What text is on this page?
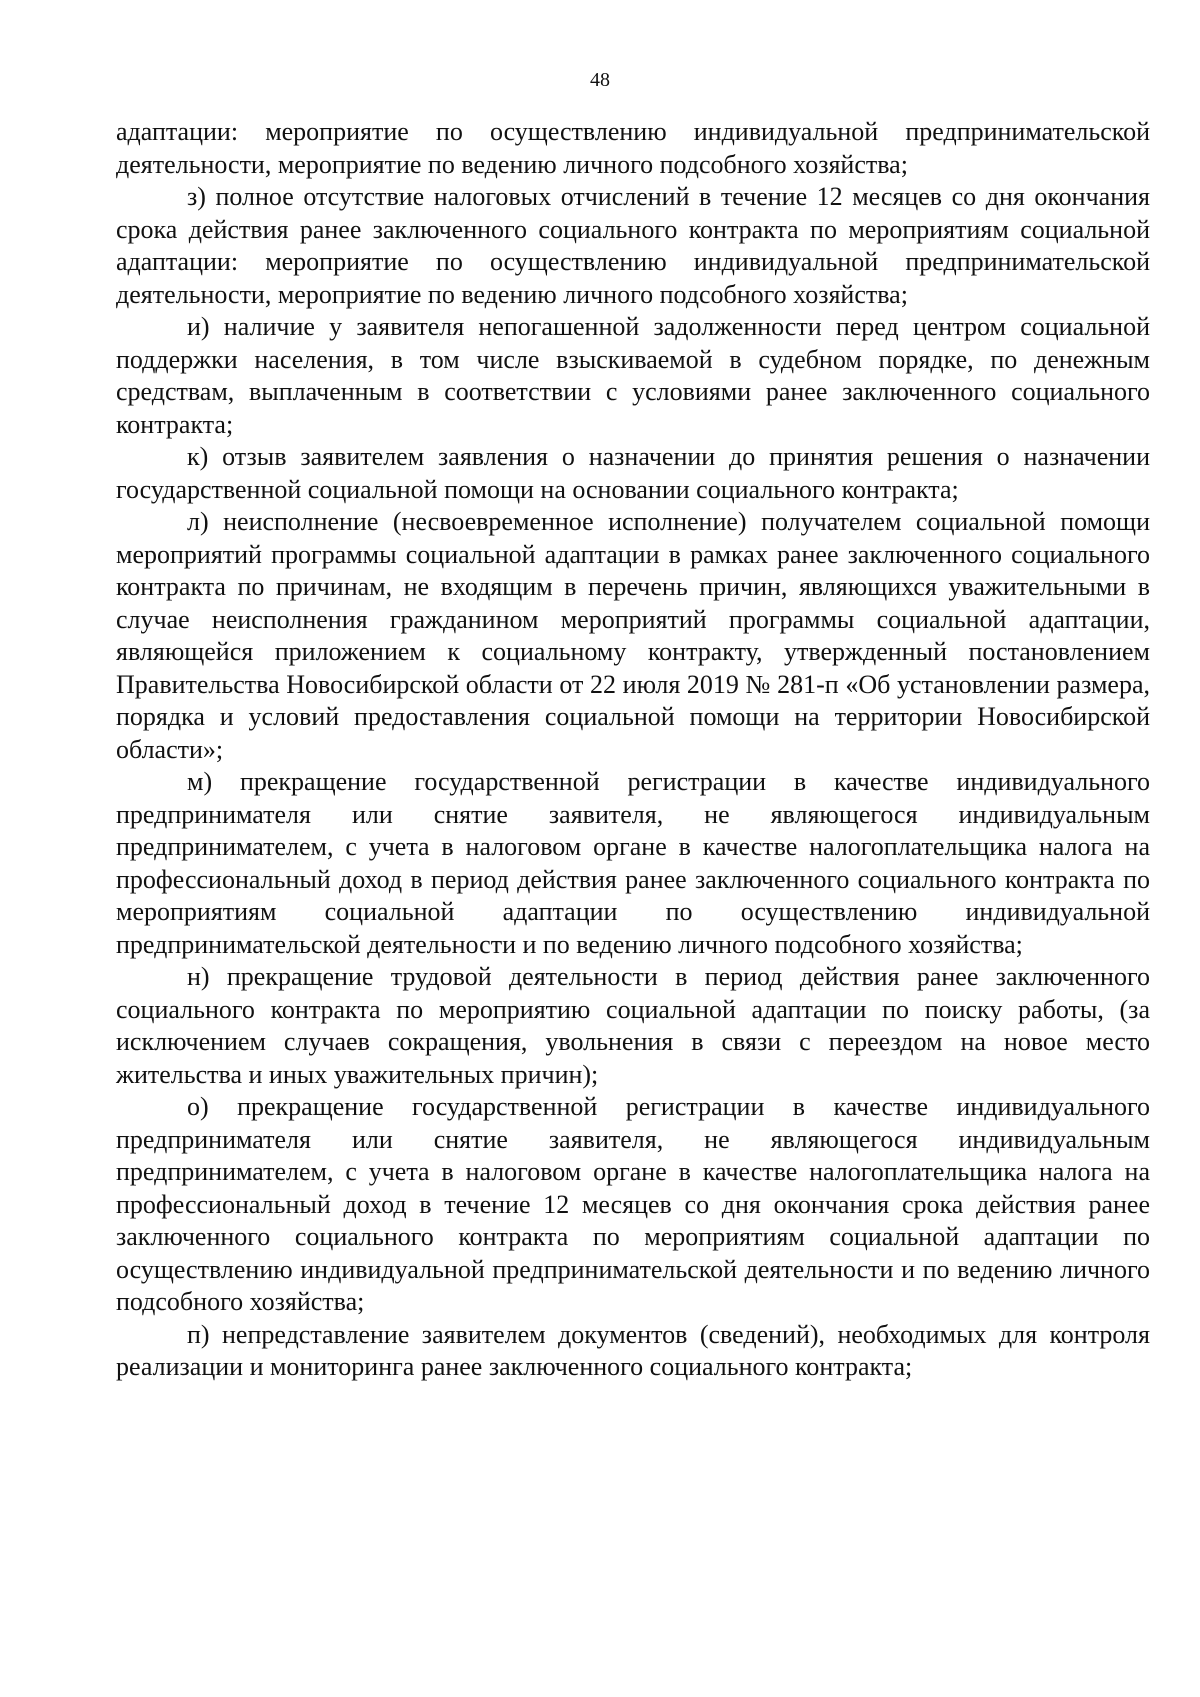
48

адаптации: мероприятие по осуществлению индивидуальной предпринимательской деятельности, мероприятие по ведению личного подсобного хозяйства;

з) полное отсутствие налоговых отчислений в течение 12 месяцев со дня окончания срока действия ранее заключенного социального контракта по мероприятиям социальной адаптации: мероприятие по осуществлению индивидуальной предпринимательской деятельности, мероприятие по ведению личного подсобного хозяйства;

и) наличие у заявителя непогашенной задолженности перед центром социальной поддержки населения, в том числе взыскиваемой в судебном порядке, по денежным средствам, выплаченным в соответствии с условиями ранее заключенного социального контракта;

к) отзыв заявителем заявления о назначении до принятия решения о назначении государственной социальной помощи на основании социального контракта;

л) неисполнение (несвоевременное исполнение) получателем социальной помощи мероприятий программы социальной адаптации в рамках ранее заключенного социального контракта по причинам, не входящим в перечень причин, являющихся уважительными в случае неисполнения гражданином мероприятий программы социальной адаптации, являющейся приложением к социальному контракту, утвержденный постановлением Правительства Новосибирской области от 22 июля 2019 № 281-п «Об установлении размера, порядка и условий предоставления социальной помощи на территории Новосибирской области»;

м) прекращение государственной регистрации в качестве индивидуального предпринимателя или снятие заявителя, не являющегося индивидуальным предпринимателем, с учета в налоговом органе в качестве налогоплательщика налога на профессиональный доход в период действия ранее заключенного социального контракта по мероприятиям социальной адаптации по осуществлению индивидуальной предпринимательской деятельности и по ведению личного подсобного хозяйства;

н) прекращение трудовой деятельности в период действия ранее заключенного социального контракта по мероприятию социальной адаптации по поиску работы, (за исключением случаев сокращения, увольнения в связи с переездом на новое место жительства и иных уважительных причин);

о) прекращение государственной регистрации в качестве индивидуального предпринимателя или снятие заявителя, не являющегося индивидуальным предпринимателем, с учета в налоговом органе в качестве налогоплательщика налога на профессиональный доход в течение 12 месяцев со дня окончания срока действия ранее заключенного социального контракта по мероприятиям социальной адаптации по осуществлению индивидуальной предпринимательской деятельности и по ведению личного подсобного хозяйства;

п) непредставление заявителем документов (сведений), необходимых для контроля реализации и мониторинга ранее заключенного социального контракта;
